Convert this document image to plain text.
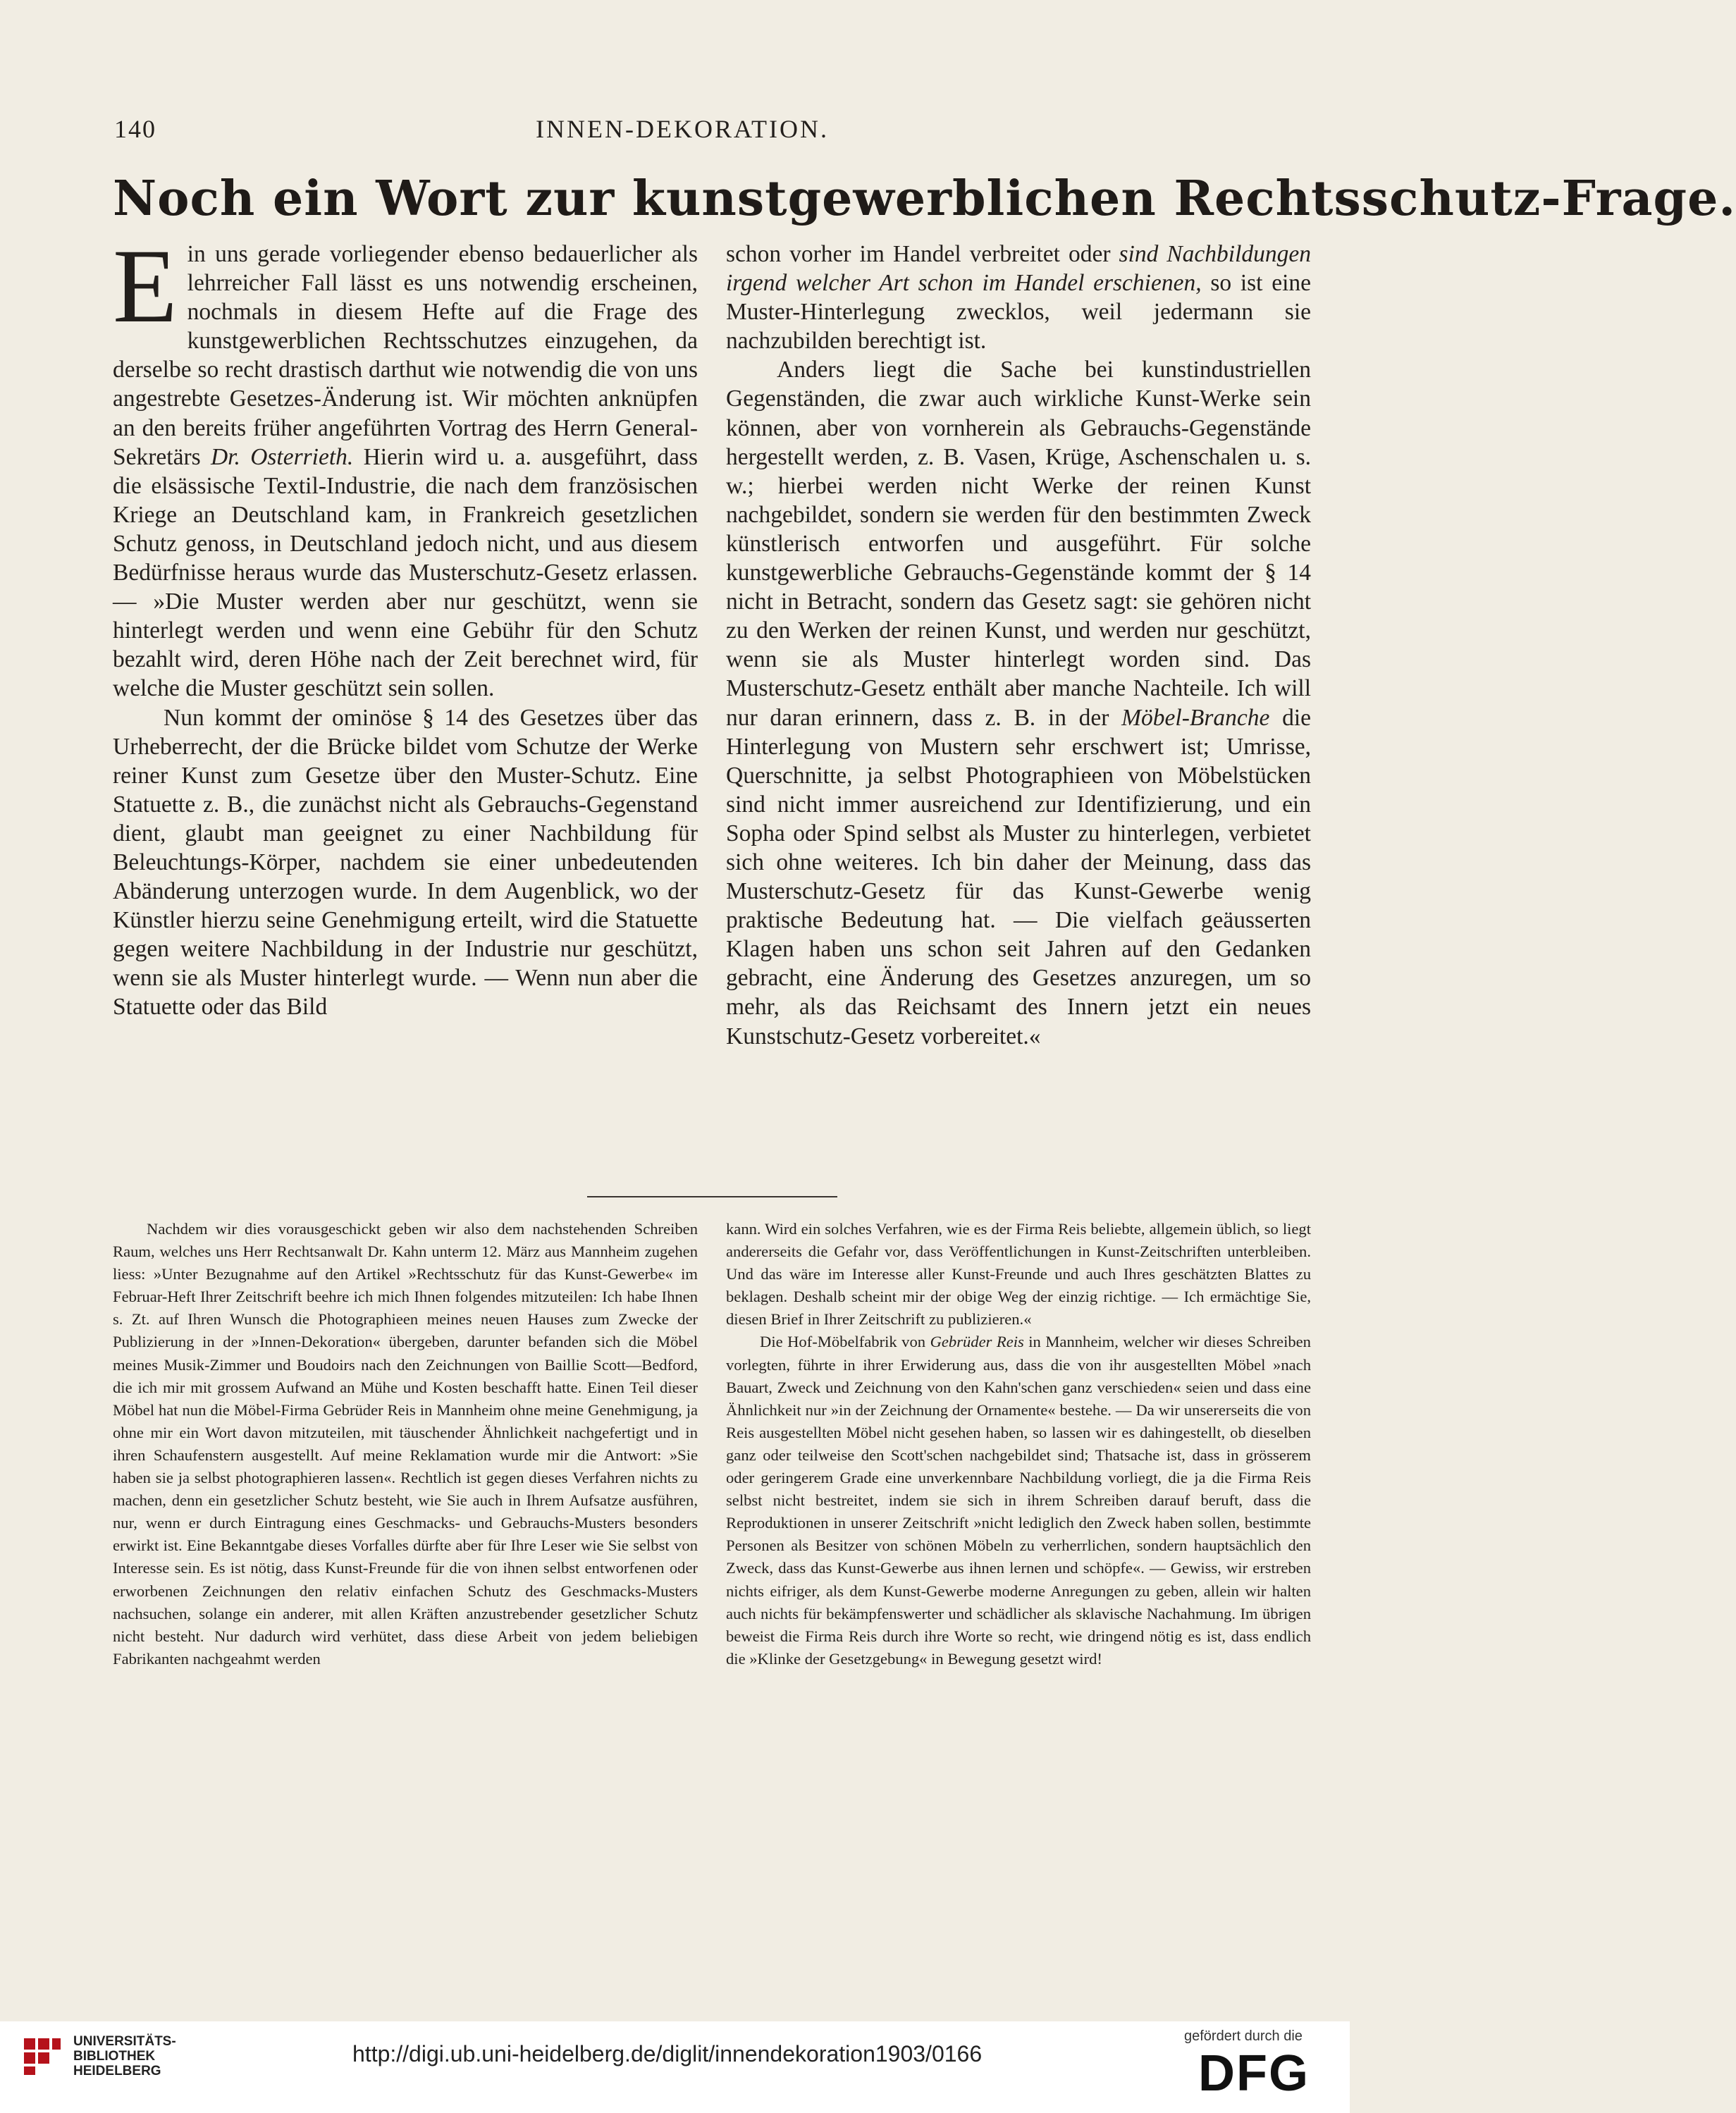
140	INNEN-DEKORATION.
Noch ein Wort zur kunstgewerblichen Rechtsschutz-Frage.

Ein uns gerade vorliegender ebenso bedauerlicher als lehrreicher Fall lässt es uns notwendig erscheinen, nochmals in diesem Hefte auf die Frage des kunstgewerblichen Rechtsschutzes einzugehen, da derselbe so recht drastisch darthut wie notwendig die von uns angestrebte Gesetzes-Änderung ist. Wir möchten anknüpfen an den bereits früher angeführten Vortrag des Herrn General-Sekretärs Dr. Osterrieth. Hierin wird u. a. ausgeführt, dass die elsässische Textil-Industrie, die nach dem französischen Kriege an Deutschland kam, in Frankreich gesetzlichen Schutz genoss, in Deutschland jedoch nicht, und aus diesem Bedürfnisse heraus wurde das Musterschutz-Gesetz erlassen. — »Die Muster werden aber nur geschützt, wenn sie hinterlegt werden und wenn eine Gebühr für den Schutz bezahlt wird, deren Höhe nach der Zeit berechnet wird, für welche die Muster geschützt sein sollen.

Nun kommt der ominöse § 14 des Gesetzes über das Urheberrecht, der die Brücke bildet vom Schutze der Werke reiner Kunst zum Gesetze über den Muster-Schutz. Eine Statuette z. B., die zunächst nicht als Gebrauchs-Gegenstand dient, glaubt man geeignet zu einer Nachbildung für Beleuchtungs-Körper, nachdem sie einer unbedeutenden Abänderung unterzogen wurde. In dem Augenblick, wo der Künstler hierzu seine Genehmigung erteilt, wird die Statuette gegen weitere Nachbildung in der Industrie nur geschützt, wenn sie als Muster hinterlegt wurde. — Wenn nun aber die Statuette oder das Bild

schon vorher im Handel verbreitet oder sind Nachbildungen irgend welcher Art schon im Handel erschienen, so ist eine Muster-Hinterlegung zwecklos, weil jedermann sie nachzubilden berechtigt ist.

Anders liegt die Sache bei kunstindustriellen Gegenständen, die zwar auch wirkliche Kunst-Werke sein können, aber von vornherein als Gebrauchs-Gegenstände hergestellt werden, z. B. Vasen, Krüge, Aschenschalen u. s. w.; hierbei werden nicht Werke der reinen Kunst nachgebildet, sondern sie werden für den bestimmten Zweck künstlerisch entworfen und ausgeführt. Für solche kunstgewerbliche Gebrauchs-Gegenstände kommt der § 14 nicht in Betracht, sondern das Gesetz sagt: sie gehören nicht zu den Werken der reinen Kunst, und werden nur geschützt, wenn sie als Muster hinterlegt worden sind. Das Musterschutz-Gesetz enthält aber manche Nachteile. Ich will nur daran erinnern, dass z. B. in der Möbel-Branche die Hinterlegung von Mustern sehr erschwert ist; Umrisse, Querschnitte, ja selbst Photographieen von Möbelstücken sind nicht immer ausreichend zur Identifizierung, und ein Sopha oder Spind selbst als Muster zu hinterlegen, verbietet sich ohne weiteres. Ich bin daher der Meinung, dass das Musterschutz-Gesetz für das Kunst-Gewerbe wenig praktische Bedeutung hat. — Die vielfach geäusserten Klagen haben uns schon seit Jahren auf den Gedanken gebracht, eine Änderung des Gesetzes anzuregen, um so mehr, als das Reichsamt des Innern jetzt ein neues Kunstschutz-Gesetz vorbereitet.«

Nachdem wir dies vorausgeschickt geben wir also dem nachstehenden Schreiben Raum, welches uns Herr Rechtsanwalt Dr. Kahn unterm 12. März aus Mannheim zugehen liess: »Unter Bezugnahme auf den Artikel »Rechtsschutz für das Kunst-Gewerbe« im Februar-Heft Ihrer Zeitschrift beehre ich mich Ihnen folgendes mitzuteilen: Ich habe Ihnen s. Zt. auf Ihren Wunsch die Photographieen meines neuen Hauses zum Zwecke der Publizierung in der »Innen-Dekoration« übergeben, darunter befanden sich die Möbel meines Musik-Zimmer und Boudoirs nach den Zeichnungen von Baillie Scott—Bedford, die ich mir mit grossem Aufwand an Mühe und Kosten beschafft hatte. Einen Teil dieser Möbel hat nun die Möbel-Firma Gebrüder Reis in Mannheim ohne meine Genehmigung, ja ohne mir ein Wort davon mitzuteilen, mit täuschender Ähnlichkeit nachgefertigt und in ihren Schaufenstern ausgestellt. Auf meine Reklamation wurde mir die Antwort: »Sie haben sie ja selbst photographieren lassen«. Rechtlich ist gegen dieses Verfahren nichts zu machen, denn ein gesetzlicher Schutz besteht, wie Sie auch in Ihrem Aufsatze ausführen, nur, wenn er durch Eintragung eines Geschmacks- und Gebrauchs-Musters besonders erwirkt ist. Eine Bekanntgabe dieses Vorfalles dürfte aber für Ihre Leser wie Sie selbst von Interesse sein. Es ist nötig, dass Kunst-Freunde für die von ihnen selbst entworfenen oder erworbenen Zeichnungen den relativ einfachen Schutz des Geschmacks-Musters nachsuchen, solange ein anderer, mit allen Kräften anzustrebender gesetzlicher Schutz nicht besteht. Nur dadurch wird verhütet, dass diese Arbeit von jedem beliebigen Fabrikanten nachgeahmt werden

kann. Wird ein solches Verfahren, wie es der Firma Reis beliebte, allgemein üblich, so liegt andererseits die Gefahr vor, dass Veröffentlichungen in Kunst-Zeitschriften unterbleiben. Und das wäre im Interesse aller Kunst-Freunde und auch Ihres geschätzten Blattes zu beklagen. Deshalb scheint mir der obige Weg der einzig richtige. — Ich ermächtige Sie, diesen Brief in Ihrer Zeitschrift zu publizieren.«

Die Hof-Möbelfabrik von Gebrüder Reis in Mannheim, welcher wir dieses Schreiben vorlegten, führte in ihrer Erwiderung aus, dass die von ihr ausgestellten Möbel »nach Bauart, Zweck und Zeichnung von den Kahn'schen ganz verschieden« seien und dass eine Ähnlichkeit nur »in der Zeichnung der Ornamente« bestehe. — Da wir unsererseits die von Reis ausgestellten Möbel nicht gesehen haben, so lassen wir es dahingestellt, ob dieselben ganz oder teilweise den Scott'schen nachgebildet sind; Thatsache ist, dass in grösserem oder geringerem Grade eine unverkennbare Nachbildung vorliegt, die ja die Firma Reis selbst nicht bestreitet, indem sie sich in ihrem Schreiben darauf beruft, dass die Reproduktionen in unserer Zeitschrift »nicht lediglich den Zweck haben sollen, bestimmte Personen als Besitzer von schönen Möbeln zu verherrlichen, sondern hauptsächlich den Zweck, dass das Kunst-Gewerbe aus ihnen lernen und schöpfe«. — Gewiss, wir erstreben nichts eifriger, als dem Kunst-Gewerbe moderne Anregungen zu geben, allein wir halten auch nichts für bekämpfenswerter und schädlicher als sklavische Nachahmung. Im übrigen beweist die Firma Reis durch ihre Worte so recht, wie dringend nötig es ist, dass endlich die »Klinke der Gesetzgebung« in Bewegung gesetzt wird!

UNIVERSITÄTS-
BIBLIOTHEK
HEIDELBERG
http://digi.ub.uni-heidelberg.de/diglit/innendekoration1903/0166
gefördert durch die
DFG
